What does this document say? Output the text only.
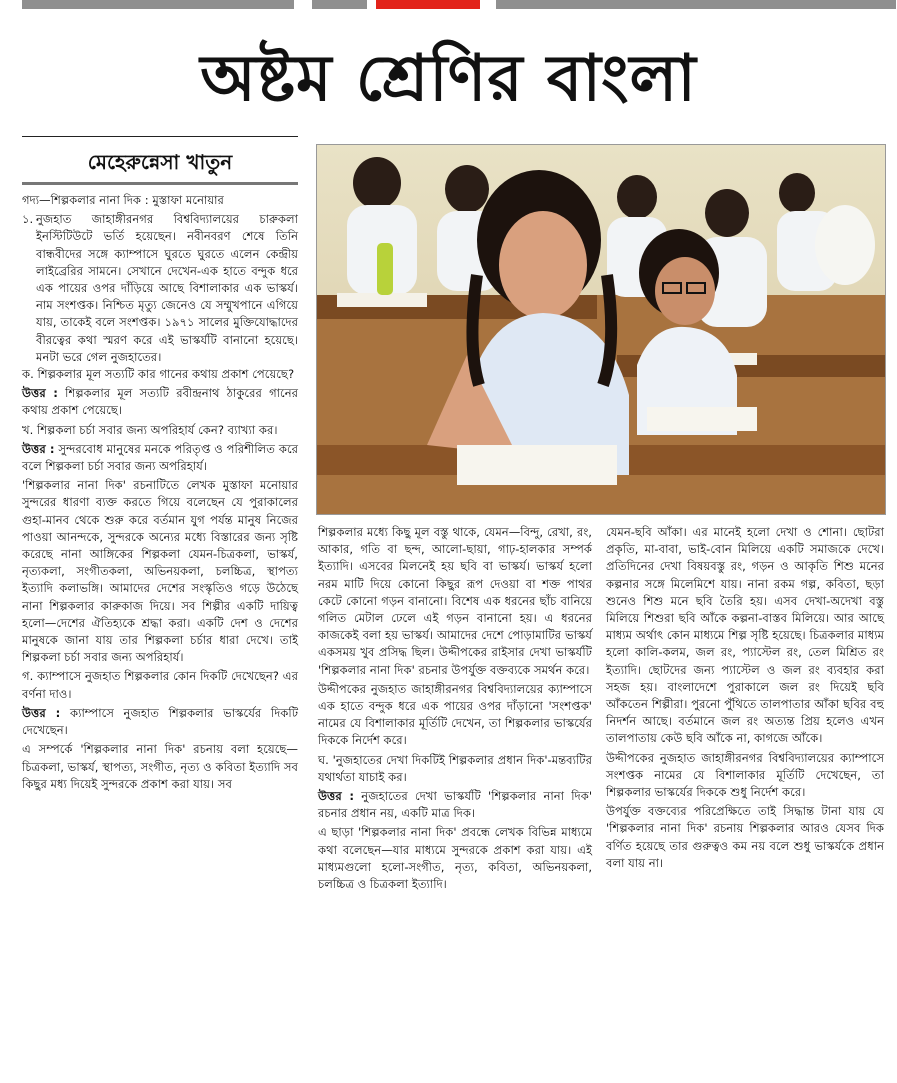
অষ্টম শ্রেণির বাংলা
মেহেরুন্নেসা খাতুন

গদ্য—শিল্পকলার নানা দিক : মুস্তাফা মনোয়ার

১. নুজহাত জাহাঙ্গীরনগর বিশ্ববিদ্যালয়ের চারুকলা ইনস্টিটিউটে ভর্তি হয়েছেন। নবীনবরণ শেষে তিনি বান্ধবীদের সঙ্গে ক্যাম্পাসে ঘুরতে ঘুরতে এলেন কেন্দ্রীয় লাইব্রেরির সামনে। সেখানে দেখেন-এক হাতে বন্দুক ধরে এক পায়ের ওপর দাঁড়িয়ে আছে বিশালাকার এক ভাস্কর্য। নাম সংশপ্তক। নিশ্চিত মৃত্যু জেনেও যে সম্মুখপানে এগিয়ে যায়, তাকেই বলে সংশপ্তক। ১৯৭১ সালের মুক্তিযোদ্ধাদের বীরত্বের কথা স্মরণ করে এই ভাস্কর্যটি বানানো হয়েছে। মনটা ভরে গেল নুজহাতের।

ক. শিল্পকলার মূল সত্যটি কার গানের কথায় প্রকাশ পেয়েছে?

উত্তর : শিল্পকলার মূল সত্যটি রবীন্দ্রনাথ ঠাকুরের গানের কথায় প্রকাশ পেয়েছে।

খ. শিল্পকলা চর্চা সবার জন্য অপরিহার্য কেন? ব্যাখ্যা কর।

উত্তর : সুন্দরবোধ মানুষের মনকে পরিতৃপ্ত ও পরিশীলিত করে বলে শিল্পকলা চর্চা সবার জন্য অপরিহার্য।

'শিল্পকলার নানা দিক' রচনাটিতে লেখক মুস্তাফা মনোয়ার সুন্দরের ধারণা ব্যক্ত করতে গিয়ে বলেছেন যে পুরাকালের গুহা-মানব থেকে শুরু করে বর্তমান যুগ পর্যন্ত মানুষ নিজের পাওয়া আনন্দকে, সুন্দরকে অন্যের মধ্যে বিস্তারের জন্য সৃষ্টি করেছে নানা আঙ্গিকের শিল্পকলা যেমন-চিত্রকলা, ভাস্কর্য, নৃত্যকলা, সংগীতকলা, অভিনয়কলা, চলচ্চিত্র, স্থাপত্য ইত্যাদি কলাভঙ্গি। আমাদের দেশের সংস্কৃতিও গড়ে উঠেছে নানা শিল্পকলার কারুকাজ দিয়ে। সব শিল্পীর একটি দায়িত্ব হলো—দেশের ঐতিহ্যকে শ্রদ্ধা করা। একটি দেশ ও দেশের মানুষকে জানা যায় তার শিল্পকলা চর্চার ধারা দেখে। তাই শিল্পকলা চর্চা সবার জন্য অপরিহার্য।

গ. ক্যাম্পাসে নুজহাত শিল্পকলার কোন দিকটি দেখেছেন? এর বর্ণনা দাও।

উত্তর : ক্যাম্পাসে নুজহাত শিল্পকলার ভাস্কর্যের দিকটি দেখেছেন।

এ সম্পর্কে 'শিল্পকলার নানা দিক' রচনায় বলা হয়েছে—চিত্রকলা, ভাস্কর্য, স্থাপত্য, সংগীত, নৃত্য ও কবিতা ইত্যাদি সব কিছুর মধ্য দিয়েই সুন্দরকে প্রকাশ করা যায়। সব

শিল্পকলার মধ্যে কিছু মূল বস্তু থাকে, যেমন—বিন্দু, রেখা, রং, আকার, গতি বা ছন্দ, আলো-ছায়া, গাঢ়-হালকার সম্পর্ক ইত্যাদি। এসবের মিলনেই হয় ছবি বা ভাস্কর্য। ভাস্কর্য হলো নরম মাটি দিয়ে কোনো কিছুর রূপ দেওয়া বা শক্ত পাথর কেটে কোনো গড়ন বানানো। বিশেষ এক ধরনের ছাঁচ বানিয়ে গলিত মেটাল ঢেলে এই গড়ন বানানো হয়। এ ধরনের কাজকেই বলা হয় ভাস্কর্য। আমাদের দেশে পোড়ামাটির ভাস্কর্য একসময় খুব প্রসিদ্ধ ছিল। উদ্দীপকের রাইসার দেখা ভাস্কর্যটি 'শিল্পকলার নানা দিক' রচনার উপর্যুক্ত বক্তব্যকে সমর্থন করে।

উদ্দীপকের নুজহাত জাহাঙ্গীরনগর বিশ্ববিদ্যালয়ের ক্যাম্পাসে এক হাতে বন্দুক ধরে এক পায়ের ওপর দাঁড়ানো 'সংশপ্তক' নামের যে বিশালাকার মূর্তিটি দেখেন, তা শিল্পকলার ভাস্কর্যের দিককে নির্দেশ করে।

ঘ. 'নুজহাতের দেখা দিকটিই শিল্পকলার প্রধান দিক'-মন্তব্যটির যথার্থতা যাচাই কর।

উত্তর : নুজহাতের দেখা ভাস্কর্যটি 'শিল্পকলার নানা দিক' রচনার প্রধান নয়, একটি মাত্র দিক।

এ ছাড়া 'শিল্পকলার নানা দিক' প্রবন্ধে লেখক বিভিন্ন মাধ্যমে কথা বলেছেন—যার মাধ্যমে সুন্দরকে প্রকাশ করা যায়। এই মাধ্যমগুলো হলো-সংগীত, নৃত্য, কবিতা, অভিনয়কলা, চলচ্চিত্র ও চিত্রকলা ইত্যাদি।

যেমন-ছবি আঁকা। এর মানেই হলো দেখা ও শোনা। ছোটরা প্রকৃতি, মা-বাবা, ভাই-বোন মিলিয়ে একটি সমাজকে দেখে। প্রতিদিনের দেখা বিষয়বস্তু রং, গড়ন ও আকৃতি শিশু মনের কল্পনার সঙ্গে মিলেমিশে যায়। নানা রকম গল্প, কবিতা, ছড়া শুনেও শিশু মনে ছবি তৈরি হয়। এসব দেখা-অদেখা বস্তু মিলিয়ে শিশুরা ছবি আঁকে কল্পনা-বাস্তব মিলিয়ে। আর আছে মাধ্যম অর্থাৎ কোন মাধ্যমে শিল্প সৃষ্টি হয়েছে। চিত্রকলার মাধ্যম হলো কালি-কলম, জল রং, প্যাস্টেল রং, তেল মিশ্রিত রং ইত্যাদি। ছোটদের জন্য প্যাস্টেল ও জল রং ব্যবহার করা সহজ হয়। বাংলাদেশে পুরাকালে জল রং দিয়েই ছবি আঁকতেন শিল্পীরা। পুরনো পুঁথিতে তালপাতার আঁকা ছবির বহু নিদর্শন আছে। বর্তমানে জল রং অত্যন্ত প্রিয় হলেও এখন তালপাতায় কেউ ছবি আঁকে না, কাগজে আঁকে।

উদ্দীপকের নুজহাত জাহাঙ্গীরনগর বিশ্ববিদ্যালয়ের ক্যাম্পাসে সংশপ্তক নামের যে বিশালাকার মূর্তিটি দেখেছেন, তা শিল্পকলার ভাস্কর্যের দিককে শুধু নির্দেশ করে।

উপর্যুক্ত বক্তব্যের পরিপ্রেক্ষিতে তাই সিদ্ধান্ত টানা যায় যে 'শিল্পকলার নানা দিক' রচনায় শিল্পকলার আরও যেসব দিক বর্ণিত হয়েছে তার গুরুত্বও কম নয় বলে শুধু ভাস্কর্যকে প্রধান বলা যায় না।
